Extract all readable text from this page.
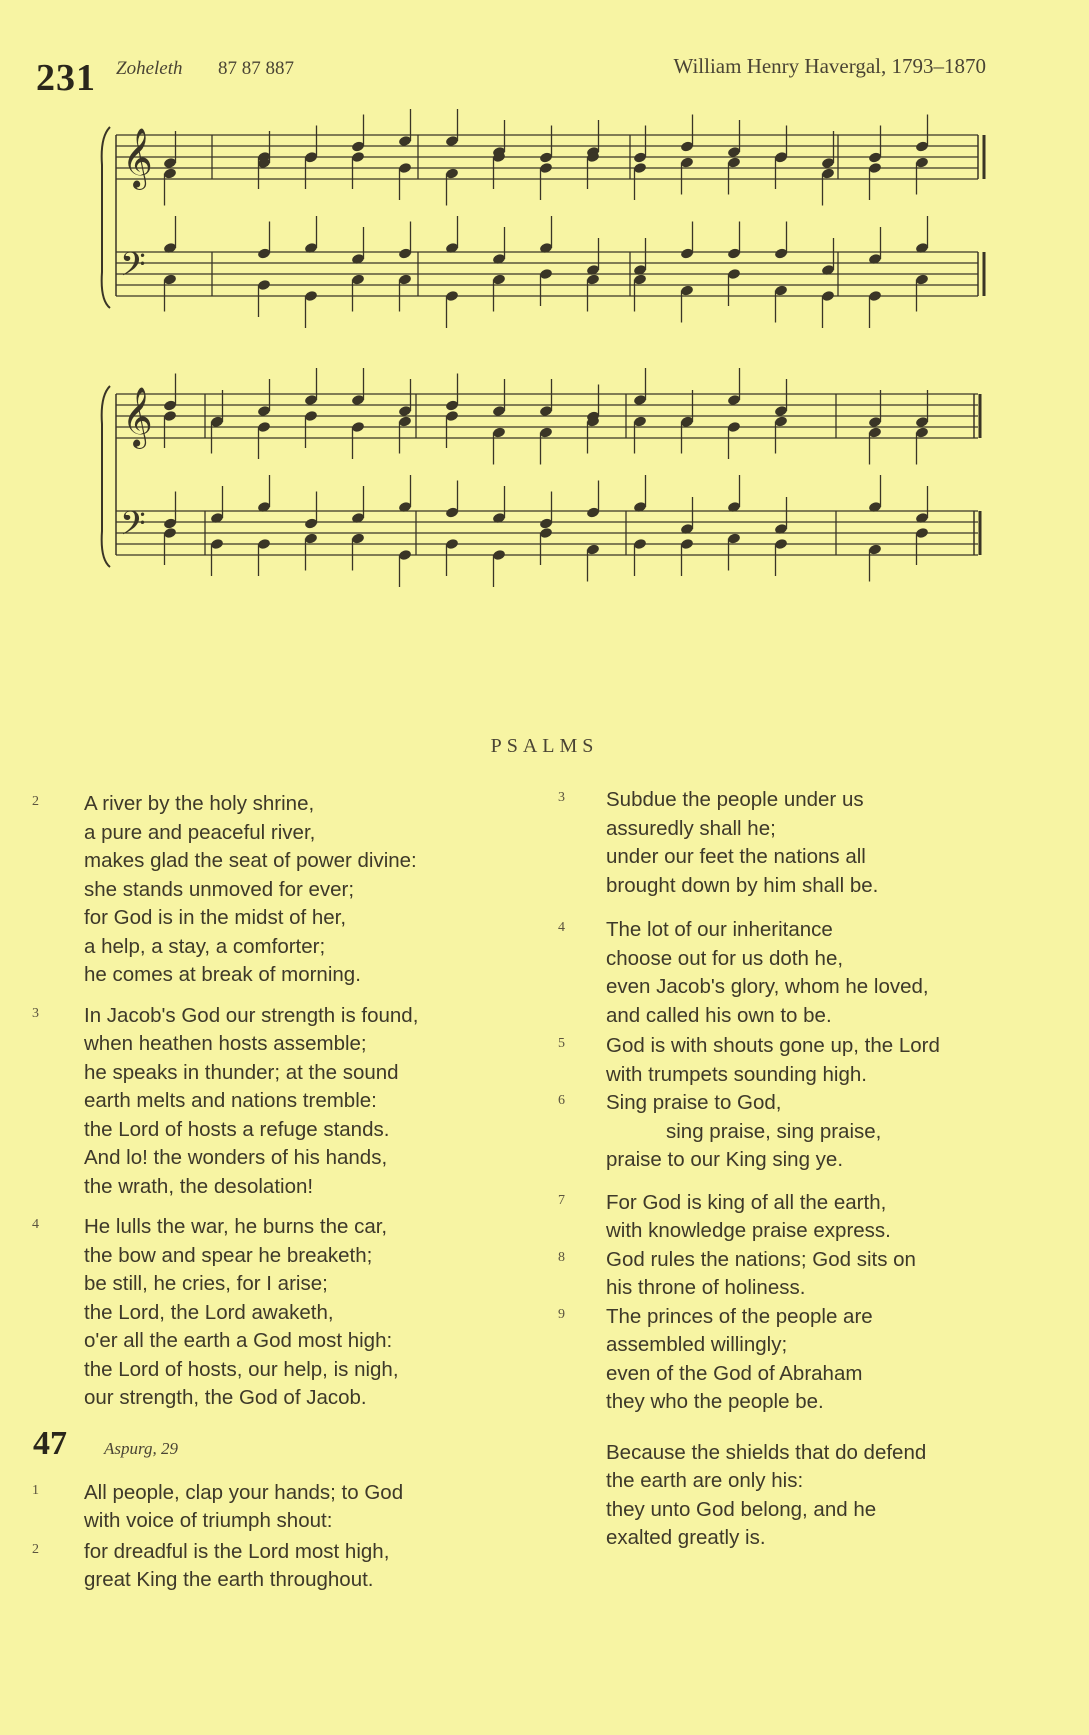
231 Zoheleth 87 87 887	William Henry Havergal, 1793–1870
𝄞
𝄢
𝄞
𝄢
PSALMS
2 A river by the holy shrine,
a pure and peaceful river,
makes glad the seat of power divine:
she stands unmoved for ever;
for God is in the midst of her,
a help, a stay, a comforter;
he comes at break of morning.
3 In Jacob's God our strength is found,
when heathen hosts assemble;
he speaks in thunder; at the sound
earth melts and nations tremble:
the Lord of hosts a refuge stands.
And lo! the wonders of his hands,
the wrath, the desolation!
4 He lulls the war, he burns the car,
the bow and spear he breaketh;
be still, he cries, for I arise;
the Lord, the Lord awaketh,
o'er all the earth a God most high:
the Lord of hosts, our help, is nigh,
our strength, the God of Jacob.
47 Aspurg, 29
1 All people, clap your hands; to God
with voice of triumph shout:
2 for dreadful is the Lord most high,
great King the earth throughout.
3 Subdue the people under us
assuredly shall he;
under our feet the nations all
brought down by him shall be.
4 The lot of our inheritance
choose out for us doth he,
even Jacob's glory, whom he loved,
and called his own to be.
5 God is with shouts gone up, the Lord
with trumpets sounding high.
6 Sing praise to God,
sing praise, sing praise,
praise to our King sing ye.
7 For God is king of all the earth,
with knowledge praise express.
8 God rules the nations; God sits on
his throne of holiness.
9 The princes of the people are
assembled willingly;
even of the God of Abraham
they who the people be.
Because the shields that do defend
the earth are only his:
they unto God belong, and he
exalted greatly is.
